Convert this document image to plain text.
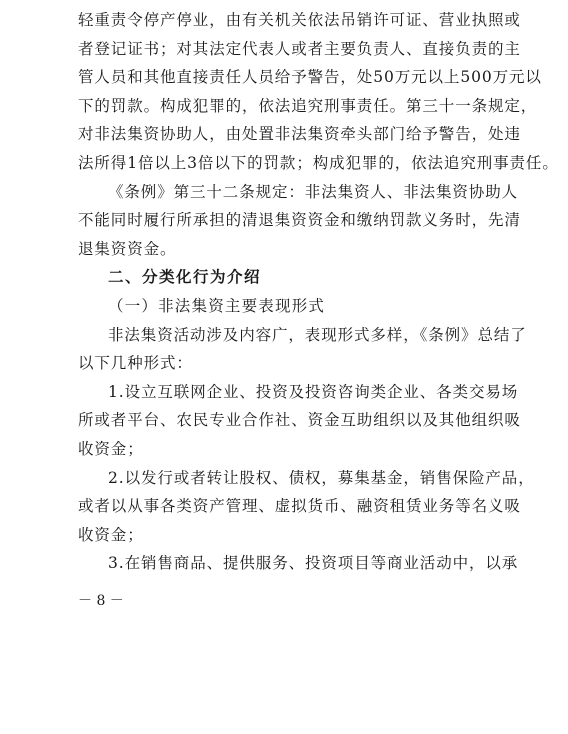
轻重责令停产停业，由有关机关依法吊销许可证、营业执照或
者登记证书；对其法定代表人或者主要负责人、直接负责的主
管人员和其他直接责任人员给予警告，处50万元以上500万元以
下的罚款。构成犯罪的，依法追究刑事责任。第三十一条规定，
对非法集资协助人，由处置非法集资牵头部门给予警告，处违
法所得1倍以上3倍以下的罚款；构成犯罪的，依法追究刑事责任。
《条例》第三十二条规定：非法集资人、非法集资协助人
不能同时履行所承担的清退集资资金和缴纳罚款义务时，先清
退集资资金。
二、分类化行为介绍
（一）非法集资主要表现形式
非法集资活动涉及内容广，表现形式多样，《条例》总结了
以下几种形式：
1.设立互联网企业、投资及投资咨询类企业、各类交易场
所或者平台、农民专业合作社、资金互助组织以及其他组织吸
收资金；
2.以发行或者转让股权、债权，募集基金，销售保险产品，
或者以从事各类资产管理、虚拟货币、融资租赁业务等名义吸
收资金；
3.在销售商品、提供服务、投资项目等商业活动中，以承
－ 8 －
